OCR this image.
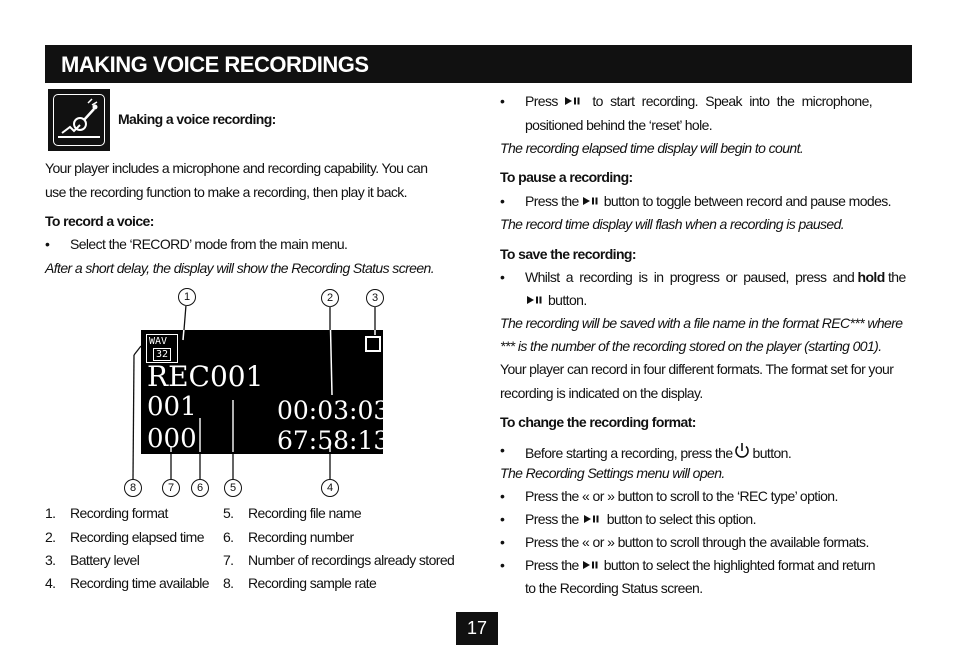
MAKING VOICE RECORDINGS
Making a voice recording:
Your player includes a microphone and recording capability. You can
use the recording function to make a recording, then play it back.
To record a voice:
• Select the ‘RECORD’ mode from the main menu.
After a short delay, the display will show the Recording Status screen.
1	2	3
WAV
32
REC001
001
000
00:03:03
67:58:13
8	7	6	5	4
1. Recording format
2. Recording elapsed time
3. Battery level
4. Recording time available
5. Recording file name
6. Recording number
7. Number of recordings already stored
8. Recording sample rate
• Press to start recording. Speak into the microphone,
positioned behind the ‘reset’ hole.
The recording elapsed time display will begin to count.
To pause a recording:
• Press the button to toggle between record and pause modes.
The record time display will flash when a recording is paused.
To save the recording:
• Whilst a recording is in progress or paused, press and hold the
button.
The recording will be saved with a file name in the format REC*** where
*** is the number of the recording stored on the player (starting 001).
Your player can record in four different formats. The format set for your
recording is indicated on the display.
To change the recording format:
• Before starting a recording, press the button.
The Recording Settings menu will open.
• Press the « or » button to scroll to the ‘REC type’ option.
• Press the button to select this option.
• Press the « or » button to scroll through the available formats.
• Press the button to select the highlighted format and return
to the Recording Status screen.
17
